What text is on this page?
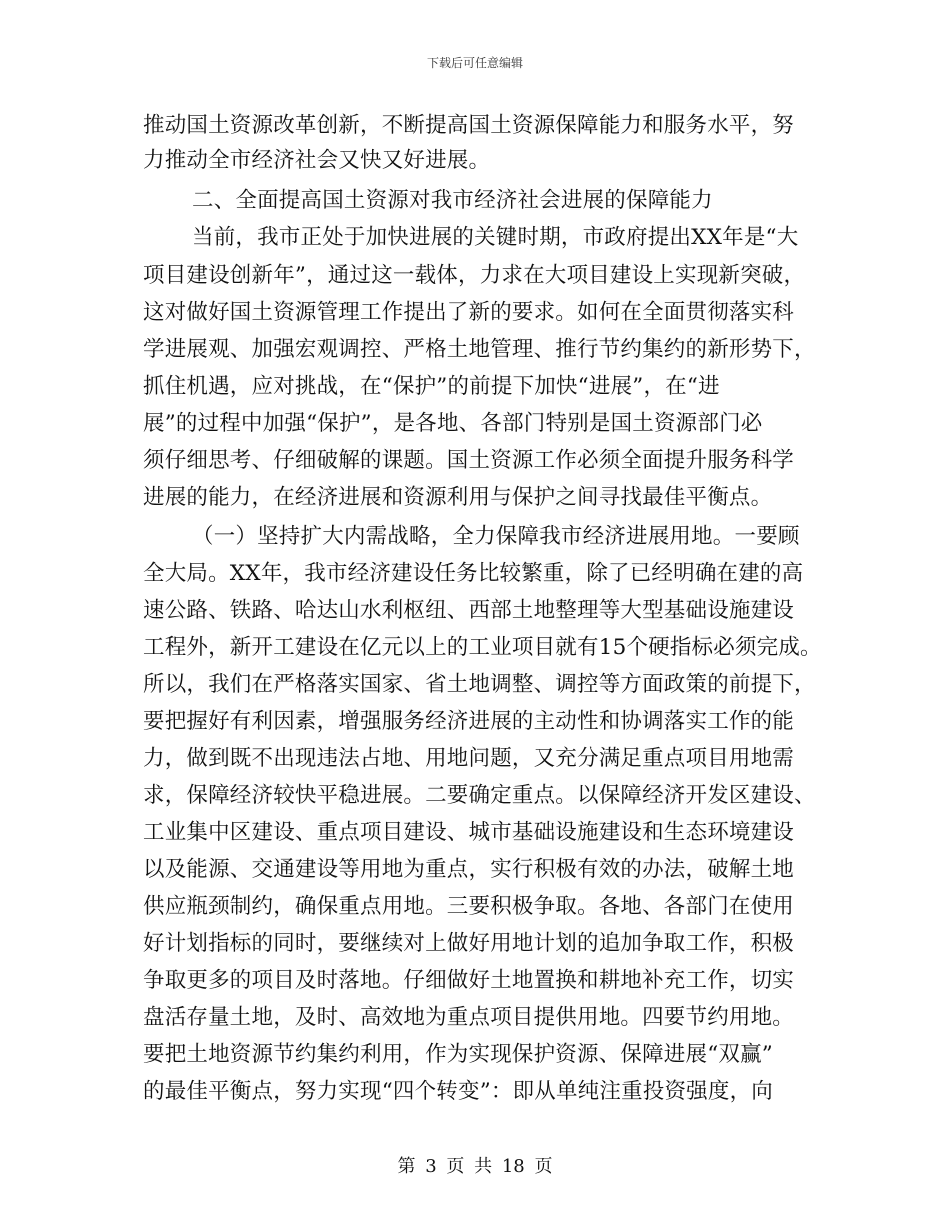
下载后可任意编辑
推动国土资源改革创新，不断提高国土资源保障能力和服务水平，努
力推动全市经济社会又快又好进展。
二、全面提高国土资源对我市经济社会进展的保障能力
当前，我市正处于加快进展的关键时期，市政府提出XX年是“大
项目建设创新年”，通过这一载体，力求在大项目建设上实现新突破，
这对做好国土资源管理工作提出了新的要求。如何在全面贯彻落实科
学进展观、加强宏观调控、严格土地管理、推行节约集约的新形势下，
抓住机遇，应对挑战，在“保护”的前提下加快“进展”，在“进
展”的过程中加强“保护”，是各地、各部门特别是国土资源部门必
须仔细思考、仔细破解的课题。国土资源工作必须全面提升服务科学
进展的能力，在经济进展和资源利用与保护之间寻找最佳平衡点。
（一）坚持扩大内需战略，全力保障我市经济进展用地。一要顾
全大局。XX年，我市经济建设任务比较繁重，除了已经明确在建的高
速公路、铁路、哈达山水利枢纽、西部土地整理等大型基础设施建设
工程外，新开工建设在亿元以上的工业项目就有15个硬指标必须完成。
所以，我们在严格落实国家、省土地调整、调控等方面政策的前提下，
要把握好有利因素，增强服务经济进展的主动性和协调落实工作的能
力，做到既不出现违法占地、用地问题，又充分满足重点项目用地需
求，保障经济较快平稳进展。二要确定重点。以保障经济开发区建设、
工业集中区建设、重点项目建设、城市基础设施建设和生态环境建设
以及能源、交通建设等用地为重点，实行积极有效的办法，破解土地
供应瓶颈制约，确保重点用地。三要积极争取。各地、各部门在使用
好计划指标的同时，要继续对上做好用地计划的追加争取工作，积极
争取更多的项目及时落地。仔细做好土地置换和耕地补充工作，切实
盘活存量土地，及时、高效地为重点项目提供用地。四要节约用地。
要把土地资源节约集约利用，作为实现保护资源、保障进展“双赢”
的最佳平衡点，努力实现“四个转变”：即从单纯注重投资强度，向
第 3 页 共 18 页
